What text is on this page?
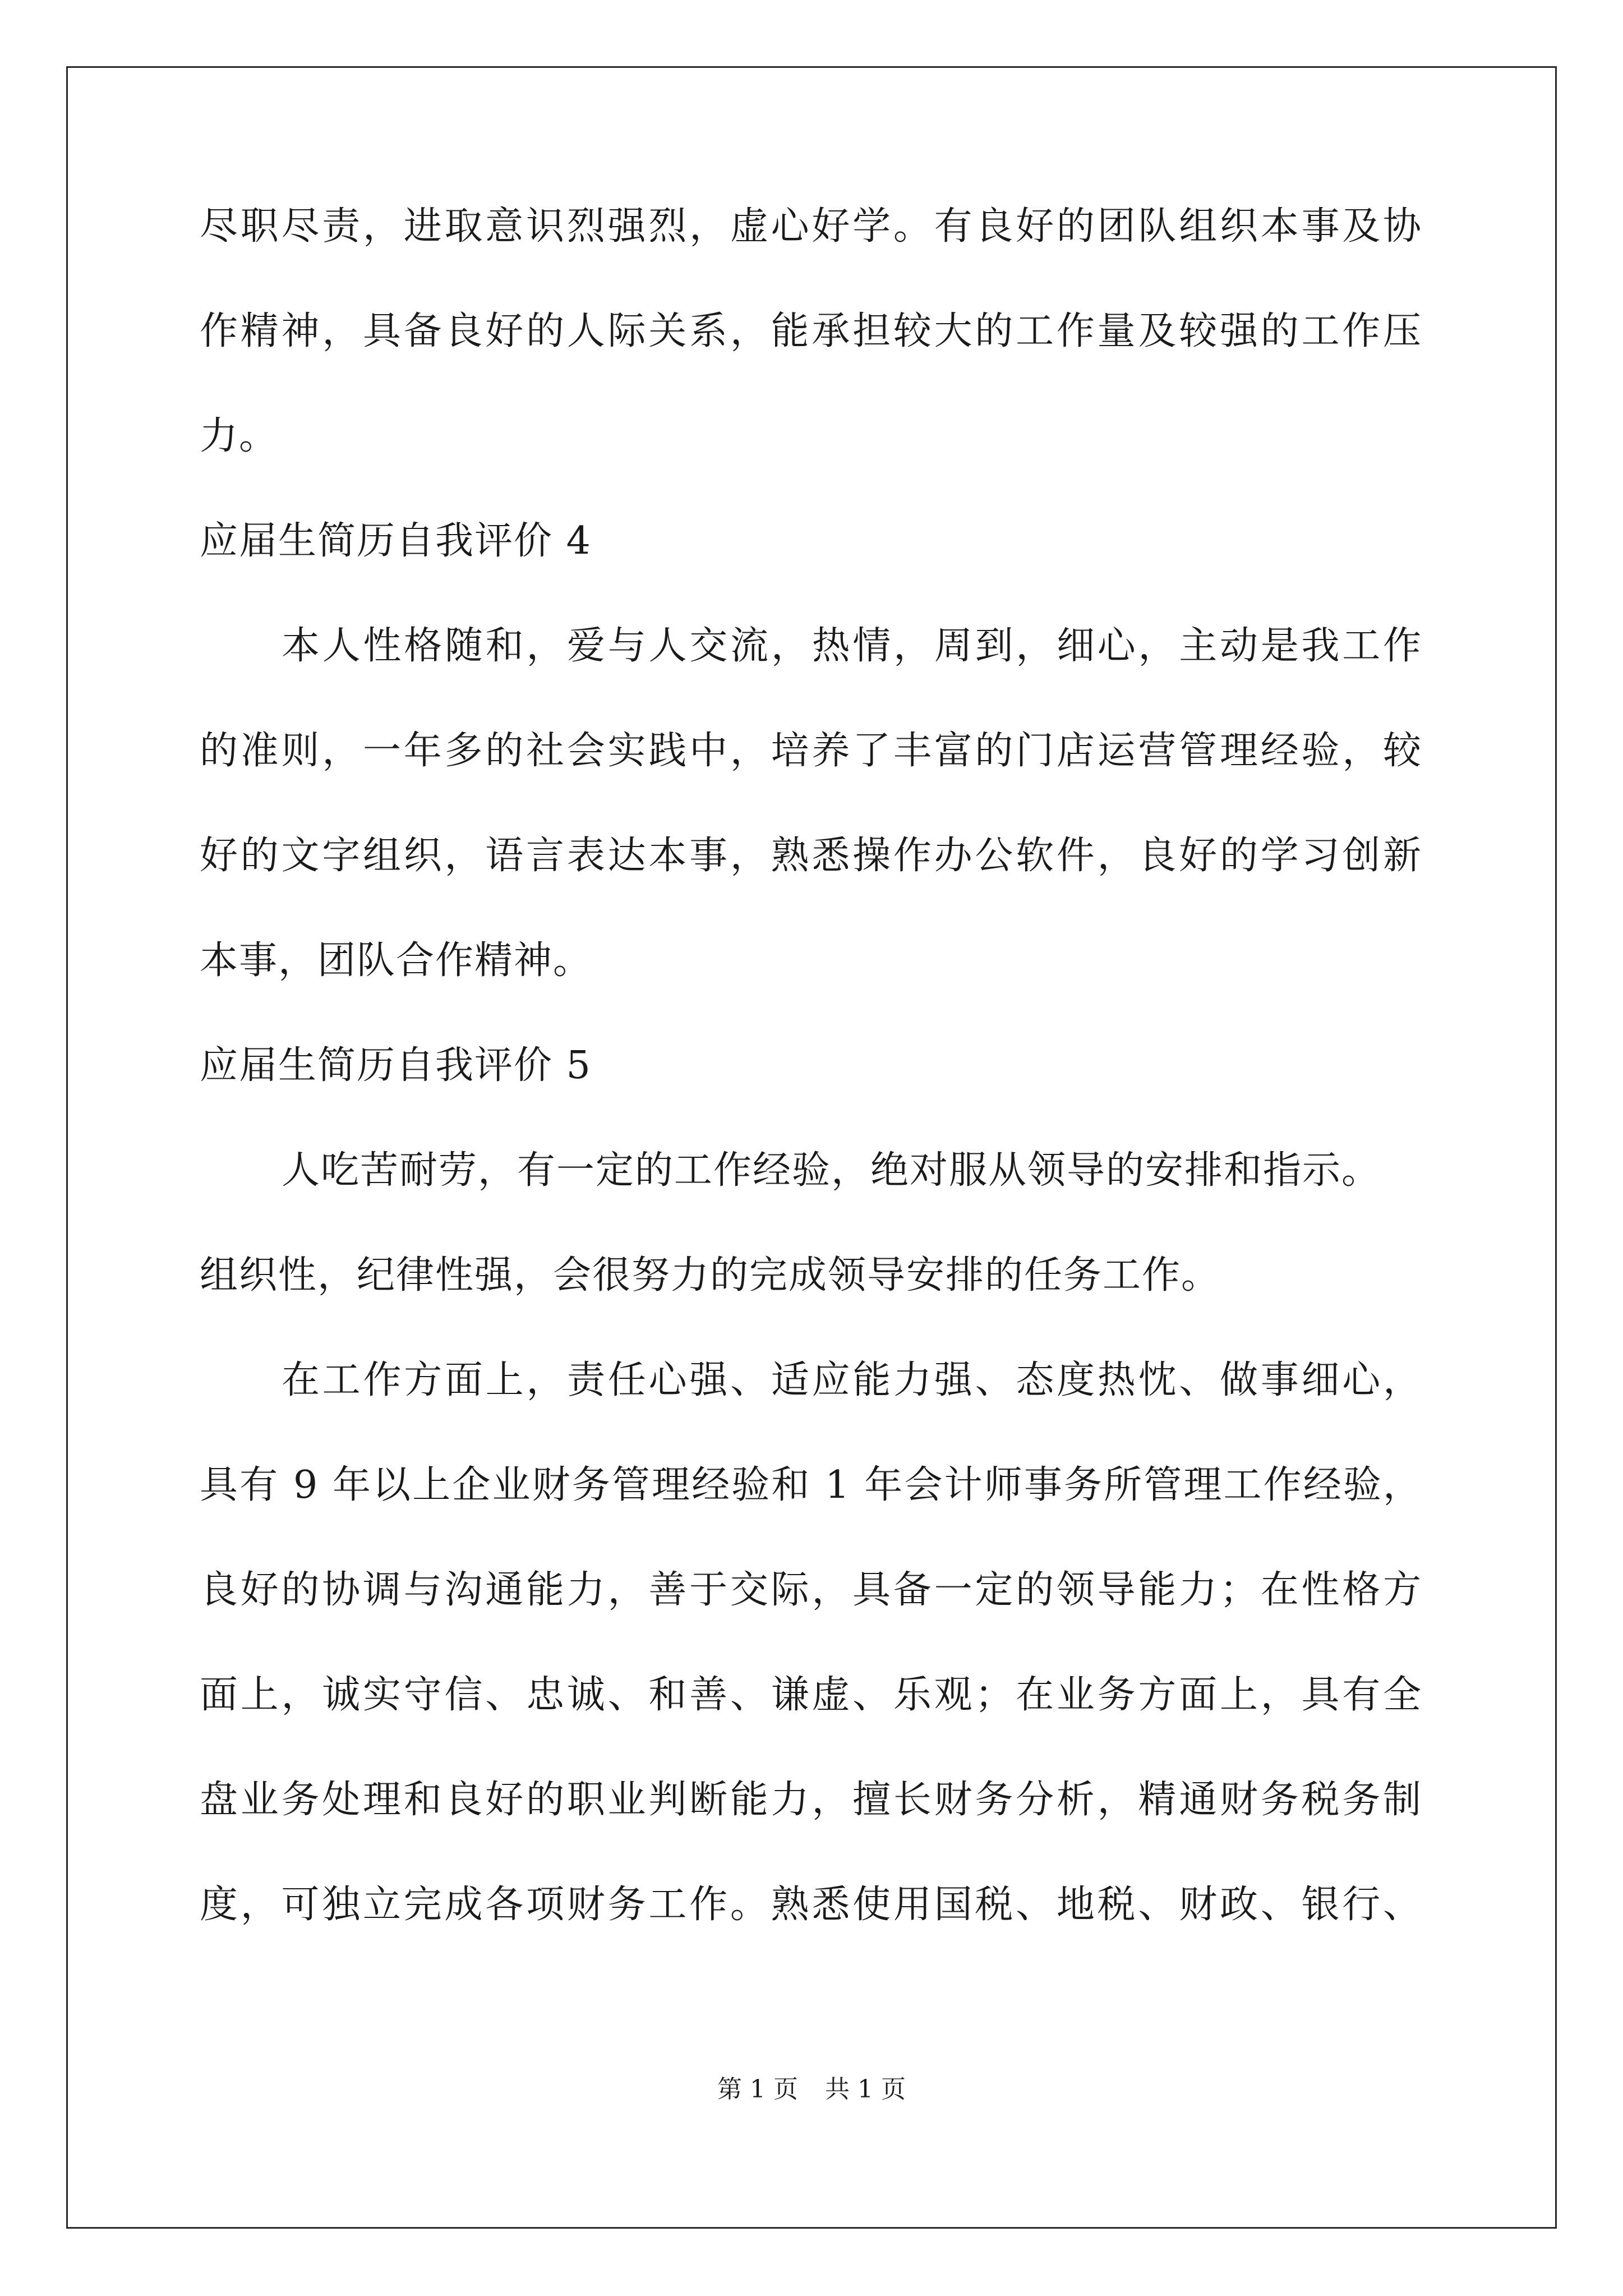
尽职尽责，进取意识烈强烈，虚心好学。有良好的团队组织本事及协
作精神，具备良好的人际关系，能承担较大的工作量及较强的工作压
力。
应届生简历自我评价 4
本人性格随和，爱与人交流，热情，周到，细心，主动是我工作
的准则，一年多的社会实践中，培养了丰富的门店运营管理经验，较
好的文字组织，语言表达本事，熟悉操作办公软件，良好的学习创新
本事，团队合作精神。
应届生简历自我评价 5
人吃苦耐劳，有一定的工作经验，绝对服从领导的安排和指示。
组织性，纪律性强，会很努力的完成领导安排的任务工作。
在工作方面上，责任心强、适应能力强、态度热忱、做事细心，
具有 9 年以上企业财务管理经验和 1 年会计师事务所管理工作经验，
良好的协调与沟通能力，善于交际，具备一定的领导能力；在性格方
面上，诚实守信、忠诚、和善、谦虚、乐观；在业务方面上，具有全
盘业务处理和良好的职业判断能力，擅长财务分析，精通财务税务制
度，可独立完成各项财务工作。熟悉使用国税、地税、财政、银行、
第 1 页 共 1 页
